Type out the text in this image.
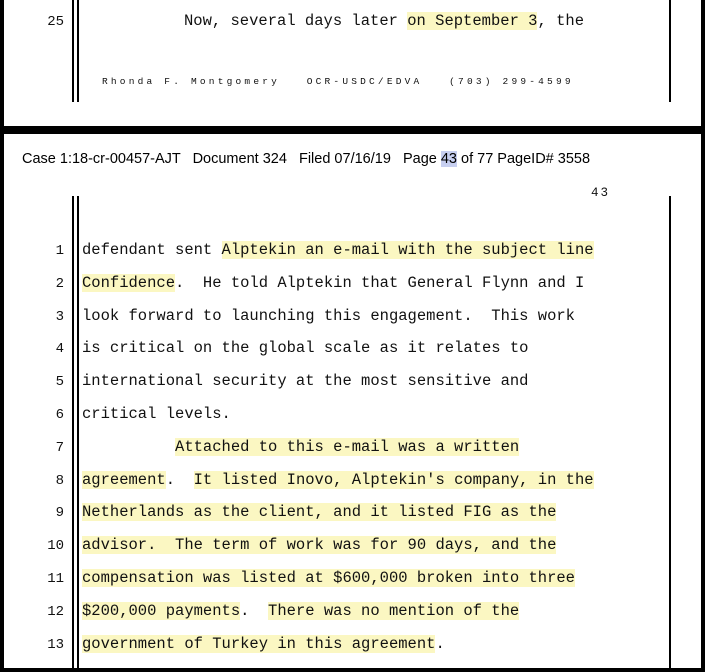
25	Now, several days later on September 3, the
Rhonda F. Montgomery   OCR-USDC/EDVA   (703) 299-4599
Case 1:18-cr-00457-AJT   Document 324   Filed 07/16/19   Page 43 of 77 PageID# 3558
43
1 defendant sent Alptekin an e-mail with the subject line
2 Confidence.  He told Alptekin that General Flynn and I
3 look forward to launching this engagement.  This work
4 is critical on the global scale as it relates to
5 international security at the most sensitive and
6 critical levels.
7	Attached to this e-mail was a written
8 agreement.  It listed Inovo, Alptekin's company, in the
9 Netherlands as the client, and it listed FIG as the
10 advisor.  The term of work was for 90 days, and the
11 compensation was listed at $600,000 broken into three
12 $200,000 payments.  There was no mention of the
13 government of Turkey in this agreement.
